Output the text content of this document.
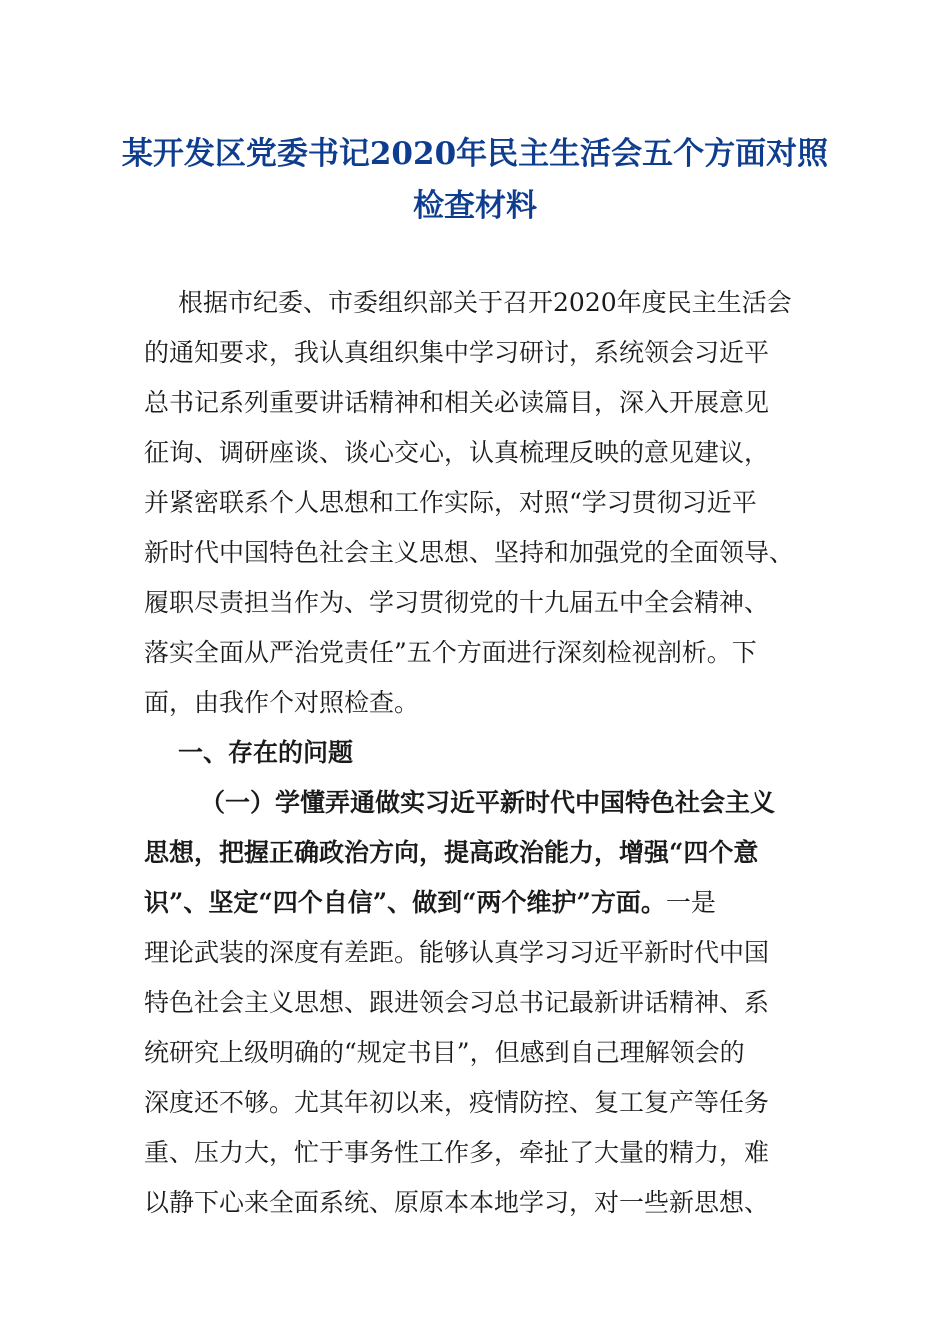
某开发区党委书记2020年民主生活会五个方面对照
检查材料

根据市纪委、市委组织部关于召开2020年度民主生活会
的通知要求，我认真组织集中学习研讨，系统领会习近平
总书记系列重要讲话精神和相关必读篇目，深入开展意见
征询、调研座谈、谈心交心，认真梳理反映的意见建议，
并紧密联系个人思想和工作实际，对照“学习贯彻习近平
新时代中国特色社会主义思想、坚持和加强党的全面领导、
履职尽责担当作为、学习贯彻党的十九届五中全会精神、
落实全面从严治党责任”五个方面进行深刻检视剖析。下
面，由我作个对照检查。

一、存在的问题

（一）学懂弄通做实习近平新时代中国特色社会主义
思想，把握正确政治方向，提高政治能力，增强“四个意
识”、坚定“四个自信”、做到“两个维护”方面。一是
理论武装的深度有差距。能够认真学习习近平新时代中国
特色社会主义思想、跟进领会习总书记最新讲话精神、系
统研究上级明确的“规定书目”，但感到自己理解领会的
深度还不够。尤其年初以来，疫情防控、复工复产等任务
重、压力大，忙于事务性工作多，牵扯了大量的精力，难
以静下心来全面系统、原原本本地学习，对一些新思想、
